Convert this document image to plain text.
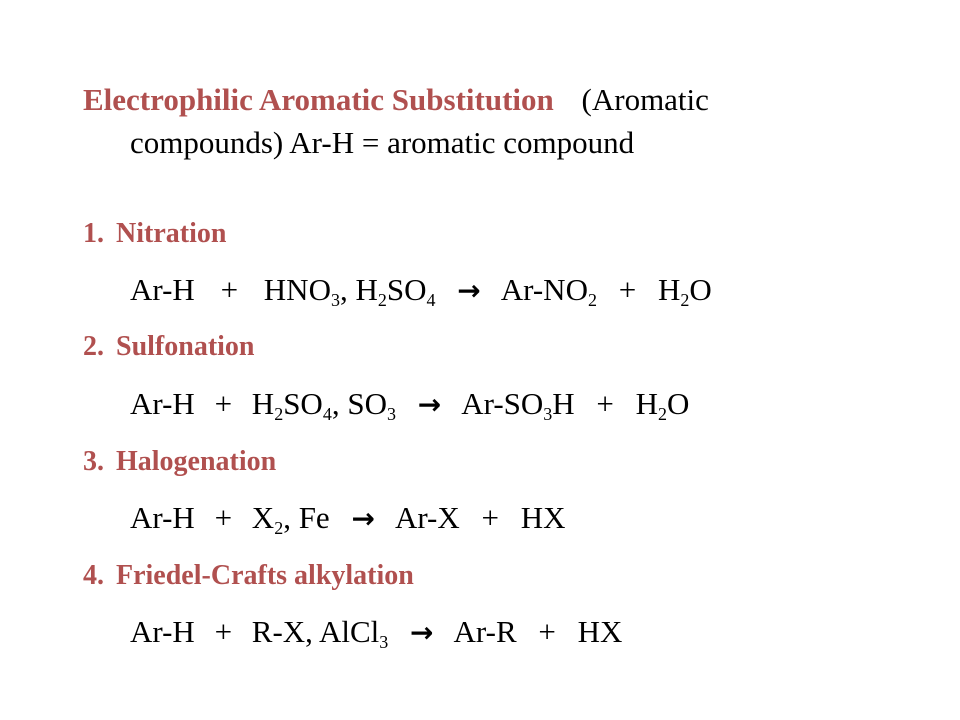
Electrophilic Aromatic Substitution (Aromatic
compounds) Ar-H = aromatic compound
1. Nitration
$Ar-H + HNO_3$, $H_2SO_4 \to Ar-NO_2 + H_2O$
2. Sulfonation
$Ar-H + H_2SO_4$, $SO_3 \to Ar-SO_3H + H_2O$
3. Halogenation
$Ar-H + X_2$, Fe → Ar-X + HX
4. Friedel-Crafts alkylation
Ar-H + R-X, AlCl$_3$ → Ar-R + HX
